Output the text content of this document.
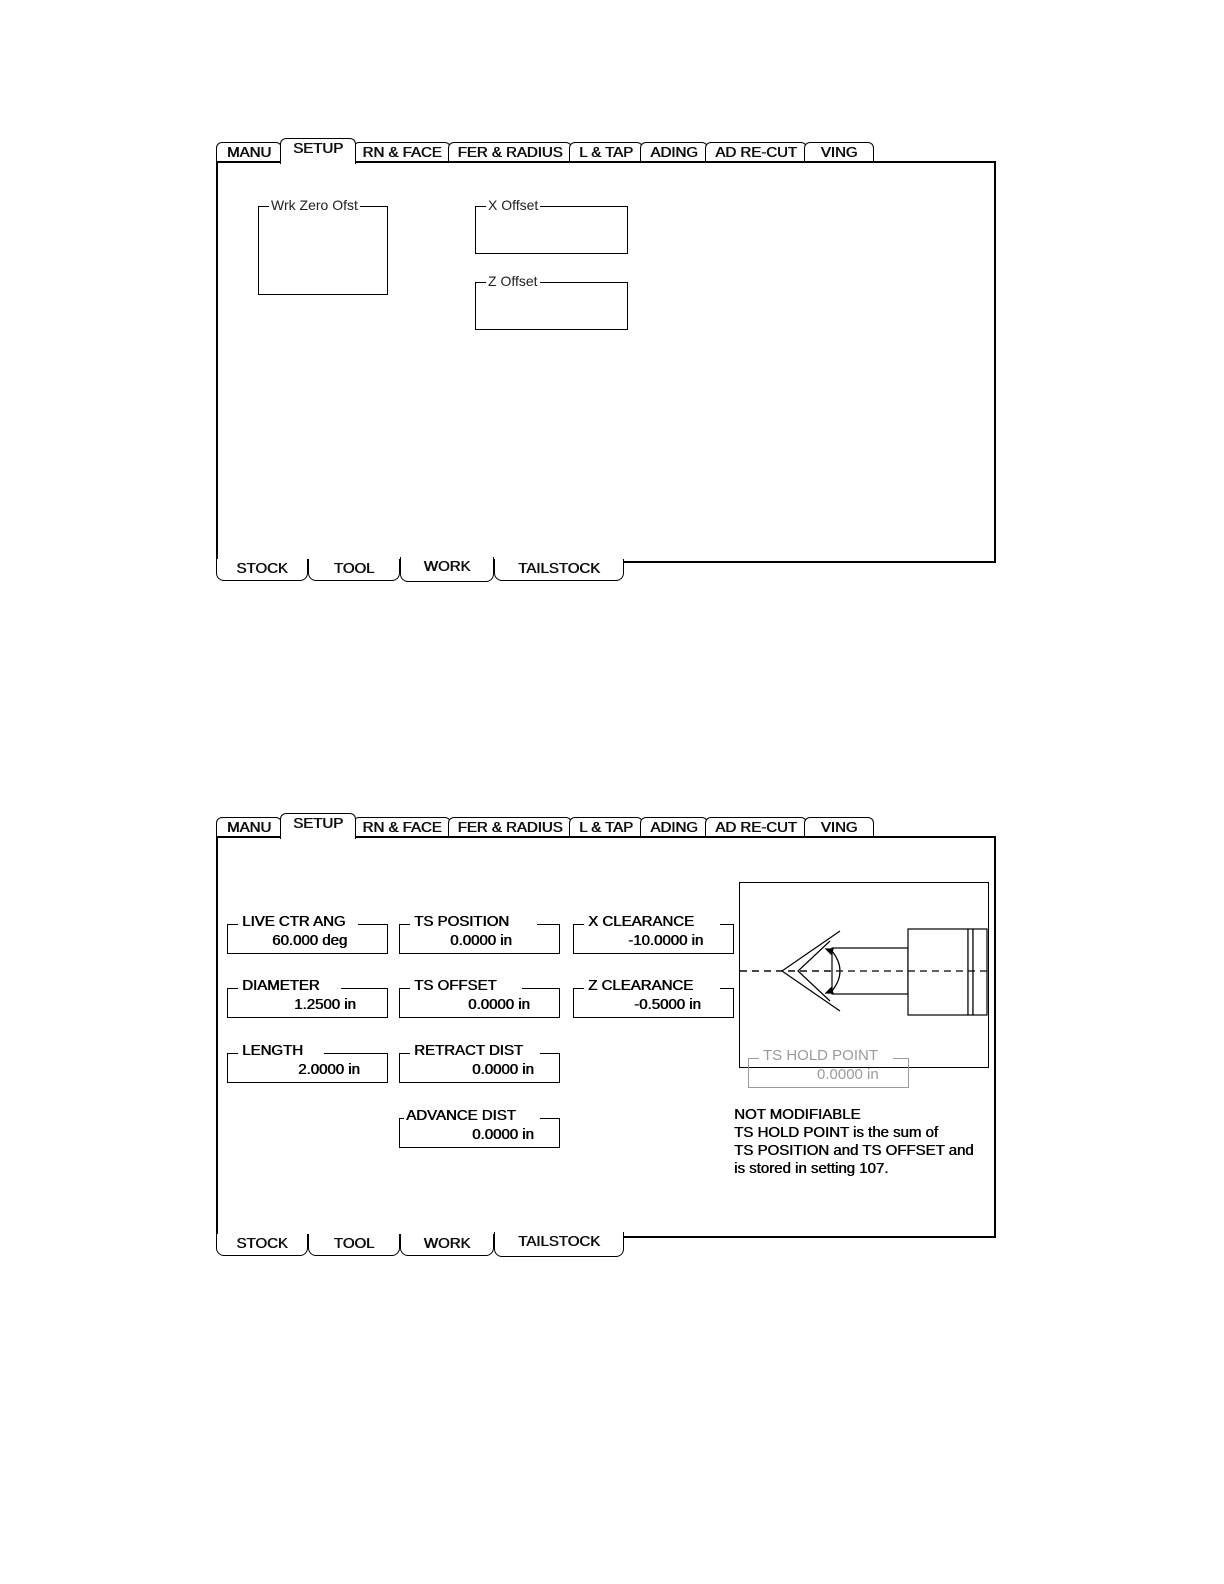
MANU	SETUP	RN & FACE	FER & RADIUS	L & TAP	ADING	AD RE-CUT	VING
Wrk Zero Ofst	X Offset
Z Offset
STOCK	TOOL	WORK	TAILSTOCK
MANU	SETUP	RN & FACE	FER & RADIUS	L & TAP	ADING	AD RE-CUT	VING
LIVE CTR ANG
60.000 deg
TS POSITION
0.0000 in
X CLEARANCE
-10.0000 in
DIAMETER
1.2500 in
TS OFFSET
0.0000 in
Z CLEARANCE
-0.5000 in
LENGTH
2.0000 in
RETRACT DIST
0.0000 in
ADVANCE DIST
0.0000 in
TS HOLD POINT
0.0000 in
NOT MODIFIABLE
TS HOLD POINT is the sum of
TS POSITION and TS OFFSET and
is stored in setting 107.
STOCK	TOOL	WORK	TAILSTOCK
